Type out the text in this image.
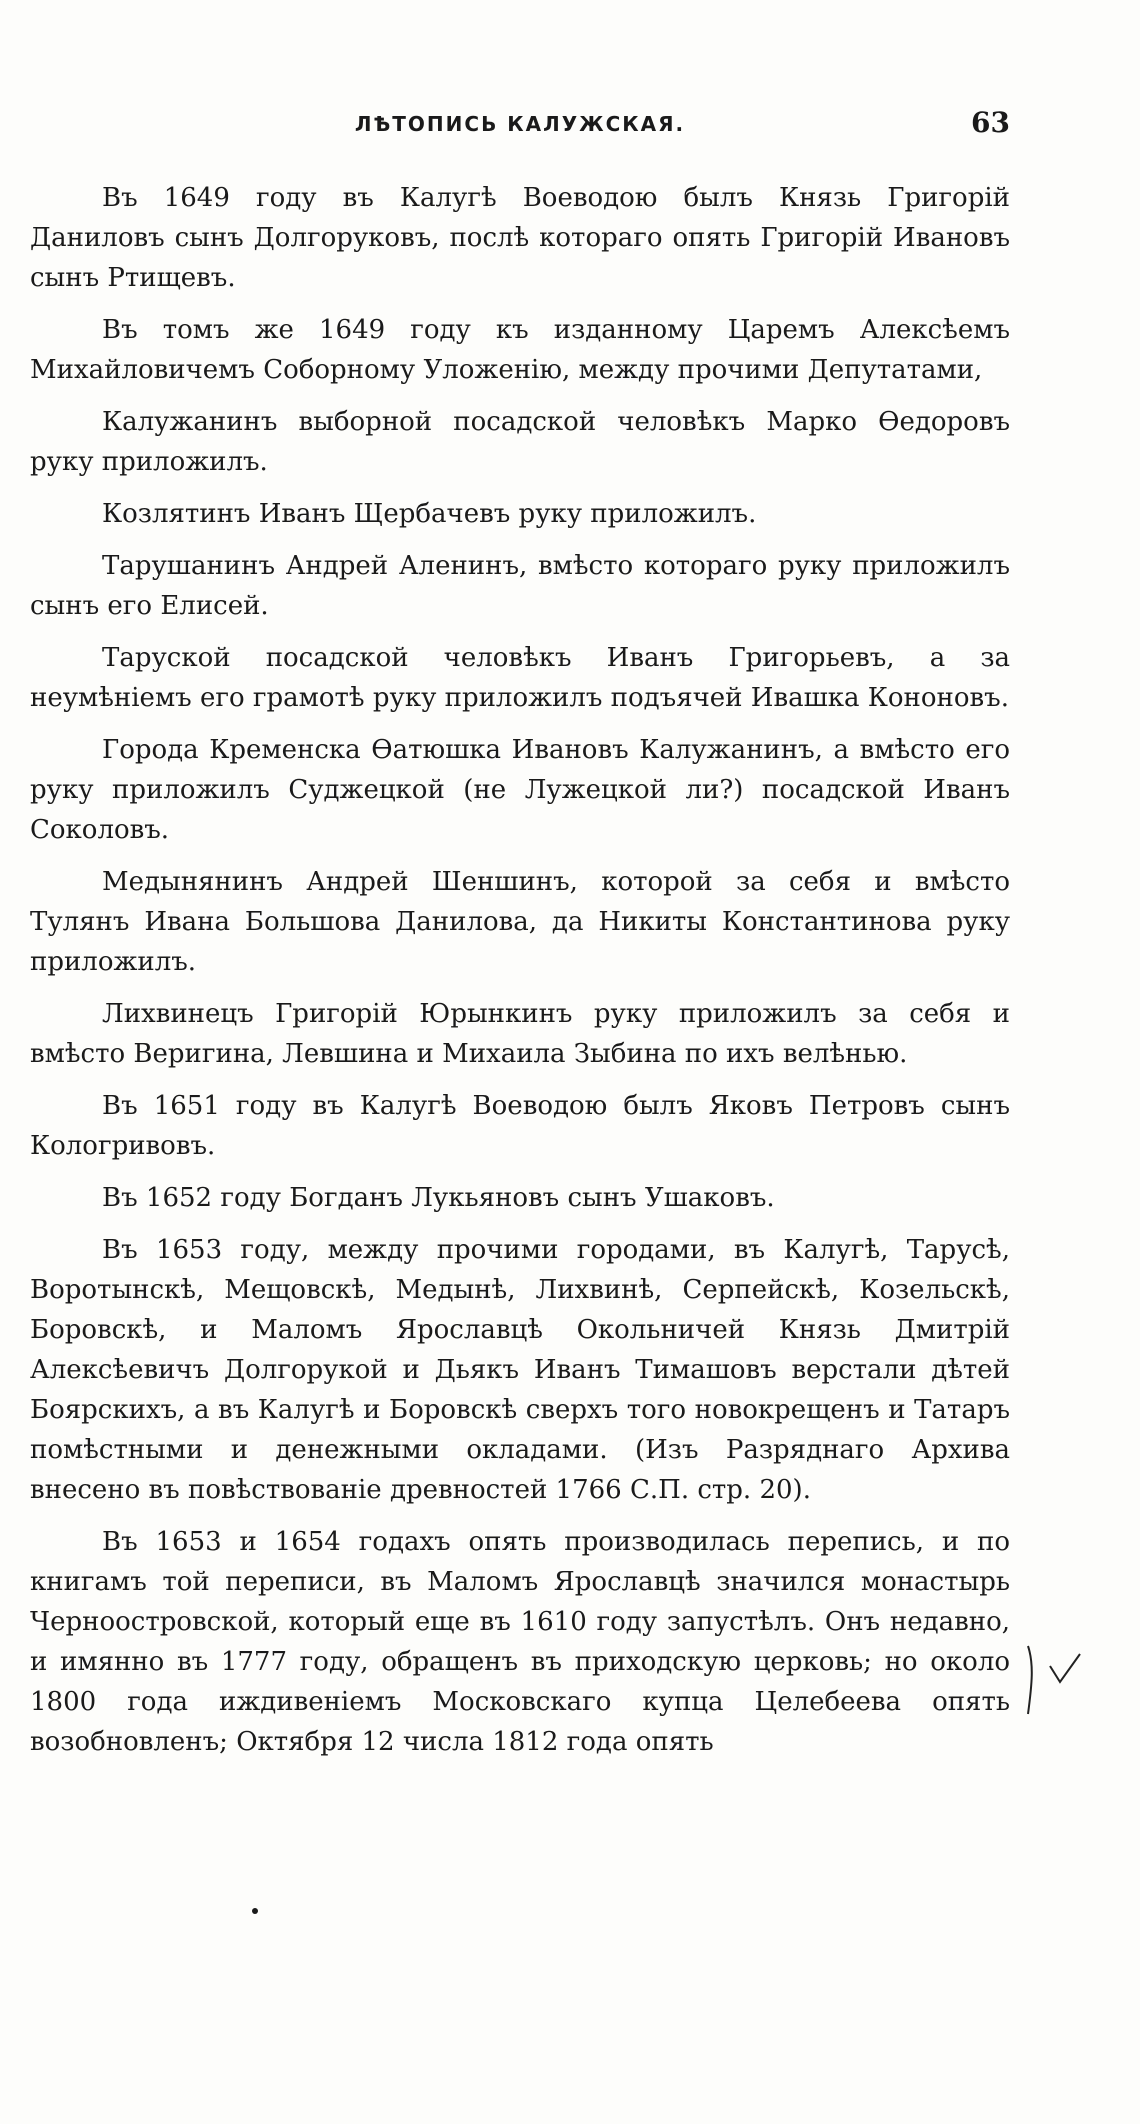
ЛѢТОПИСЬ КАЛУЖСКАЯ.	63

Въ 1649 году въ Калугѣ Воеводою былъ Князь Григорій Даниловъ сынъ Долгоруковъ, послѣ котораго опять Григорій Ивановъ сынъ Ртищевъ.

Въ томъ же 1649 году къ изданному Царемъ Алексѣемъ Михайловичемъ Соборному Уложенію, между прочими Депутатами,

Калужанинъ выборной посадской человѣкъ Марко Ѳедоровъ руку приложилъ.

Козлятинъ Иванъ Щербачевъ руку приложилъ.

Тарушанинъ Андрей Аленинъ, вмѣсто котораго руку приложилъ сынъ его Елисей.

Таруской посадской человѣкъ Иванъ Григорьевъ, а за неумѣніемъ его грамотѣ руку приложилъ подъячей Ивашка Кононовъ.

Города Кременска Ѳатюшка Ивановъ Калужанинъ, а вмѣсто его руку приложилъ Суджецкой (не Лужецкой ли?) посадской Иванъ Соколовъ.

Медынянинъ Андрей Шеншинъ, которой за себя и вмѣсто Тулянъ Ивана Большова Данилова, да Никиты Константинова руку приложилъ.

Лихвинецъ Григорій Юрынкинъ руку приложилъ за себя и вмѣсто Веригина, Левшина и Михаила Зыбина по ихъ велѣнью.

Въ 1651 году въ Калугѣ Воеводою былъ Яковъ Петровъ сынъ Кологривовъ.

Въ 1652 году Богданъ Лукьяновъ сынъ Ушаковъ.

Въ 1653 году, между прочими городами, въ Калугѣ, Тарусѣ, Воротынскѣ, Мещовскѣ, Медынѣ, Лихвинѣ, Серпейскѣ, Козельскѣ, Боровскѣ, и Маломъ Ярославцѣ Окольничей Князь Дмитрій Алексѣевичъ Долгорукой и Дьякъ Иванъ Тимашовъ верстали дѣтей Боярскихъ, а въ Калугѣ и Боровскѣ сверхъ того новокрещенъ и Татаръ помѣстными и денежными окладами. (Изъ Разряднаго Архива внесено въ повѣствованіе древностей 1766 С.П. стр. 20).

Въ 1653 и 1654 годахъ опять производилась перепись, и по книгамъ той переписи, въ Маломъ Ярославцѣ значился монастырь Черноостровской, который еще въ 1610 году запустѣлъ. Онъ недавно, и имянно въ 1777 году, обращенъ въ приходскую церковь; но около 1800 года иждивеніемъ Московскаго купца Целебеева опять возобновленъ; Октября 12 числа 1812 года опять
